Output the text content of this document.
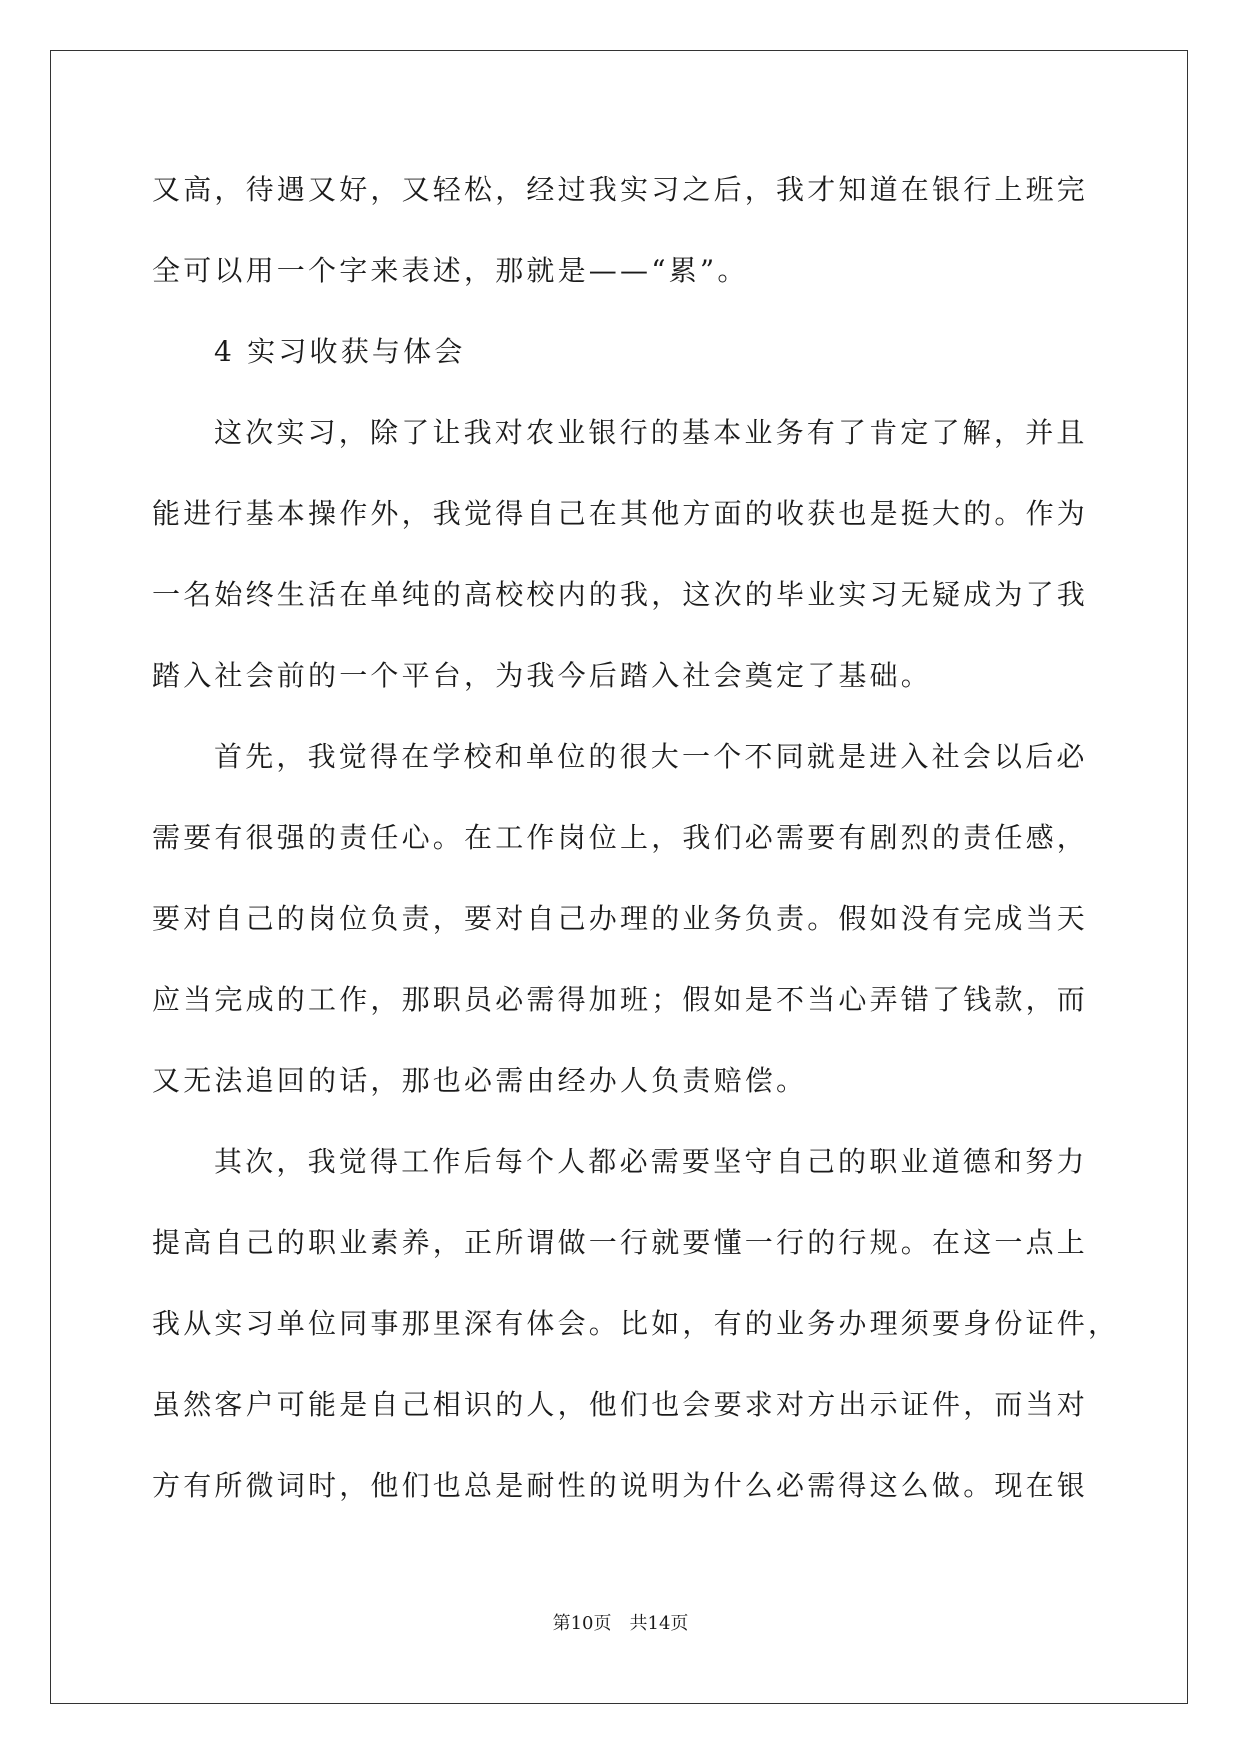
又高，待遇又好，又轻松，经过我实习之后，我才知道在银行上班完
全可以用一个字来表述，那就是——“累”。
4 实习收获与体会
这次实习，除了让我对农业银行的基本业务有了肯定了解，并且
能进行基本操作外，我觉得自己在其他方面的收获也是挺大的。作为
一名始终生活在单纯的高校校内的我，这次的毕业实习无疑成为了我
踏入社会前的一个平台，为我今后踏入社会奠定了基础。
首先，我觉得在学校和单位的很大一个不同就是进入社会以后必
需要有很强的责任心。在工作岗位上，我们必需要有剧烈的责任感，
要对自己的岗位负责，要对自己办理的业务负责。假如没有完成当天
应当完成的工作，那职员必需得加班；假如是不当心弄错了钱款，而
又无法追回的话，那也必需由经办人负责赔偿。
其次，我觉得工作后每个人都必需要坚守自己的职业道德和努力
提高自己的职业素养，正所谓做一行就要懂一行的行规。在这一点上
我从实习单位同事那里深有体会。比如，有的业务办理须要身份证件，
虽然客户可能是自己相识的人，他们也会要求对方出示证件，而当对
方有所微词时，他们也总是耐性的说明为什么必需得这么做。现在银
第10页 共14页
